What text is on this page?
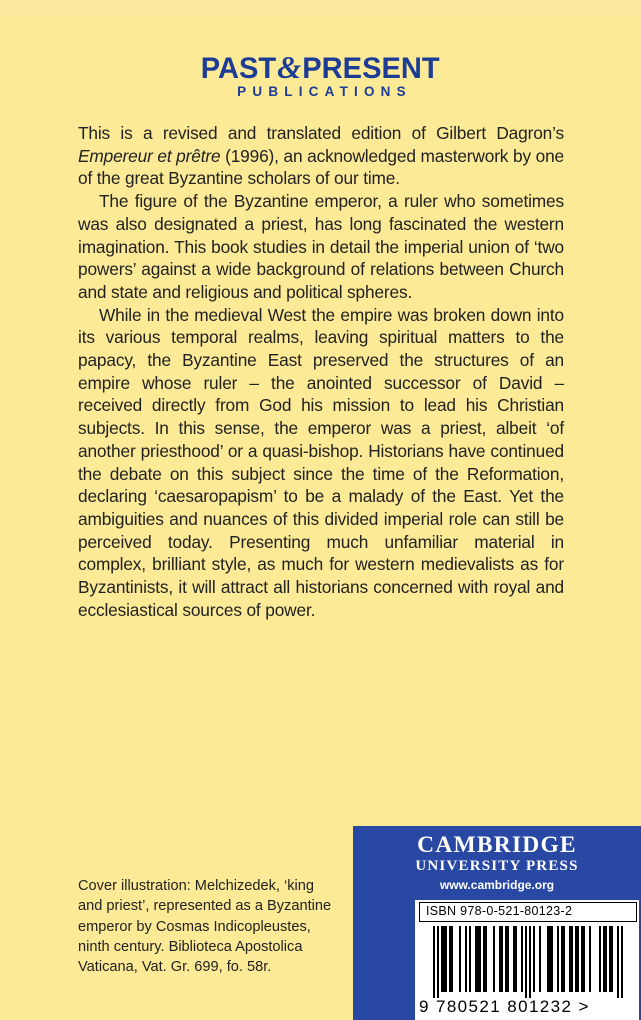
PAST&PRESENT
PUBLICATIONS

This is a revised and translated edition of Gilbert Dagron’s Empereur et prêtre (1996), an acknowledged masterwork by one of the great Byzantine scholars of our time.

The figure of the Byzantine emperor, a ruler who sometimes was also designated a priest, has long fascinated the western imagination. This book studies in detail the imperial union of ‘two powers’ against a wide background of relations between Church and state and religious and political spheres.

While in the medieval West the empire was broken down into its various temporal realms, leaving spiritual matters to the papacy, the Byzantine East preserved the structures of an empire whose ruler – the anointed successor of David – received directly from God his mission to lead his Christian subjects. In this sense, the emperor was a priest, albeit ‘of another priesthood’ or a quasi-bishop. Historians have continued the debate on this subject since the time of the Reformation, declaring ‘caesaropapism’ to be a malady of the East. Yet the ambiguities and nuances of this divided imperial role can still be perceived today. Presenting much unfamiliar material in complex, brilliant style, as much for western medievalists as for Byzantinists, it will attract all historians concerned with royal and ecclesiastical sources of power.

Cover illustration: Melchizedek, ‘king
and priest’, represented as a Byzantine
emperor by Cosmas Indicopleustes,
ninth century. Biblioteca Apostolica
Vaticana, Vat. Gr. 699, fo. 58r.
CAMBRIDGE
UNIVERSITY PRESS
www.cambridge.org
ISBN 978-0-521-80123-2
9 780521 801232 >
